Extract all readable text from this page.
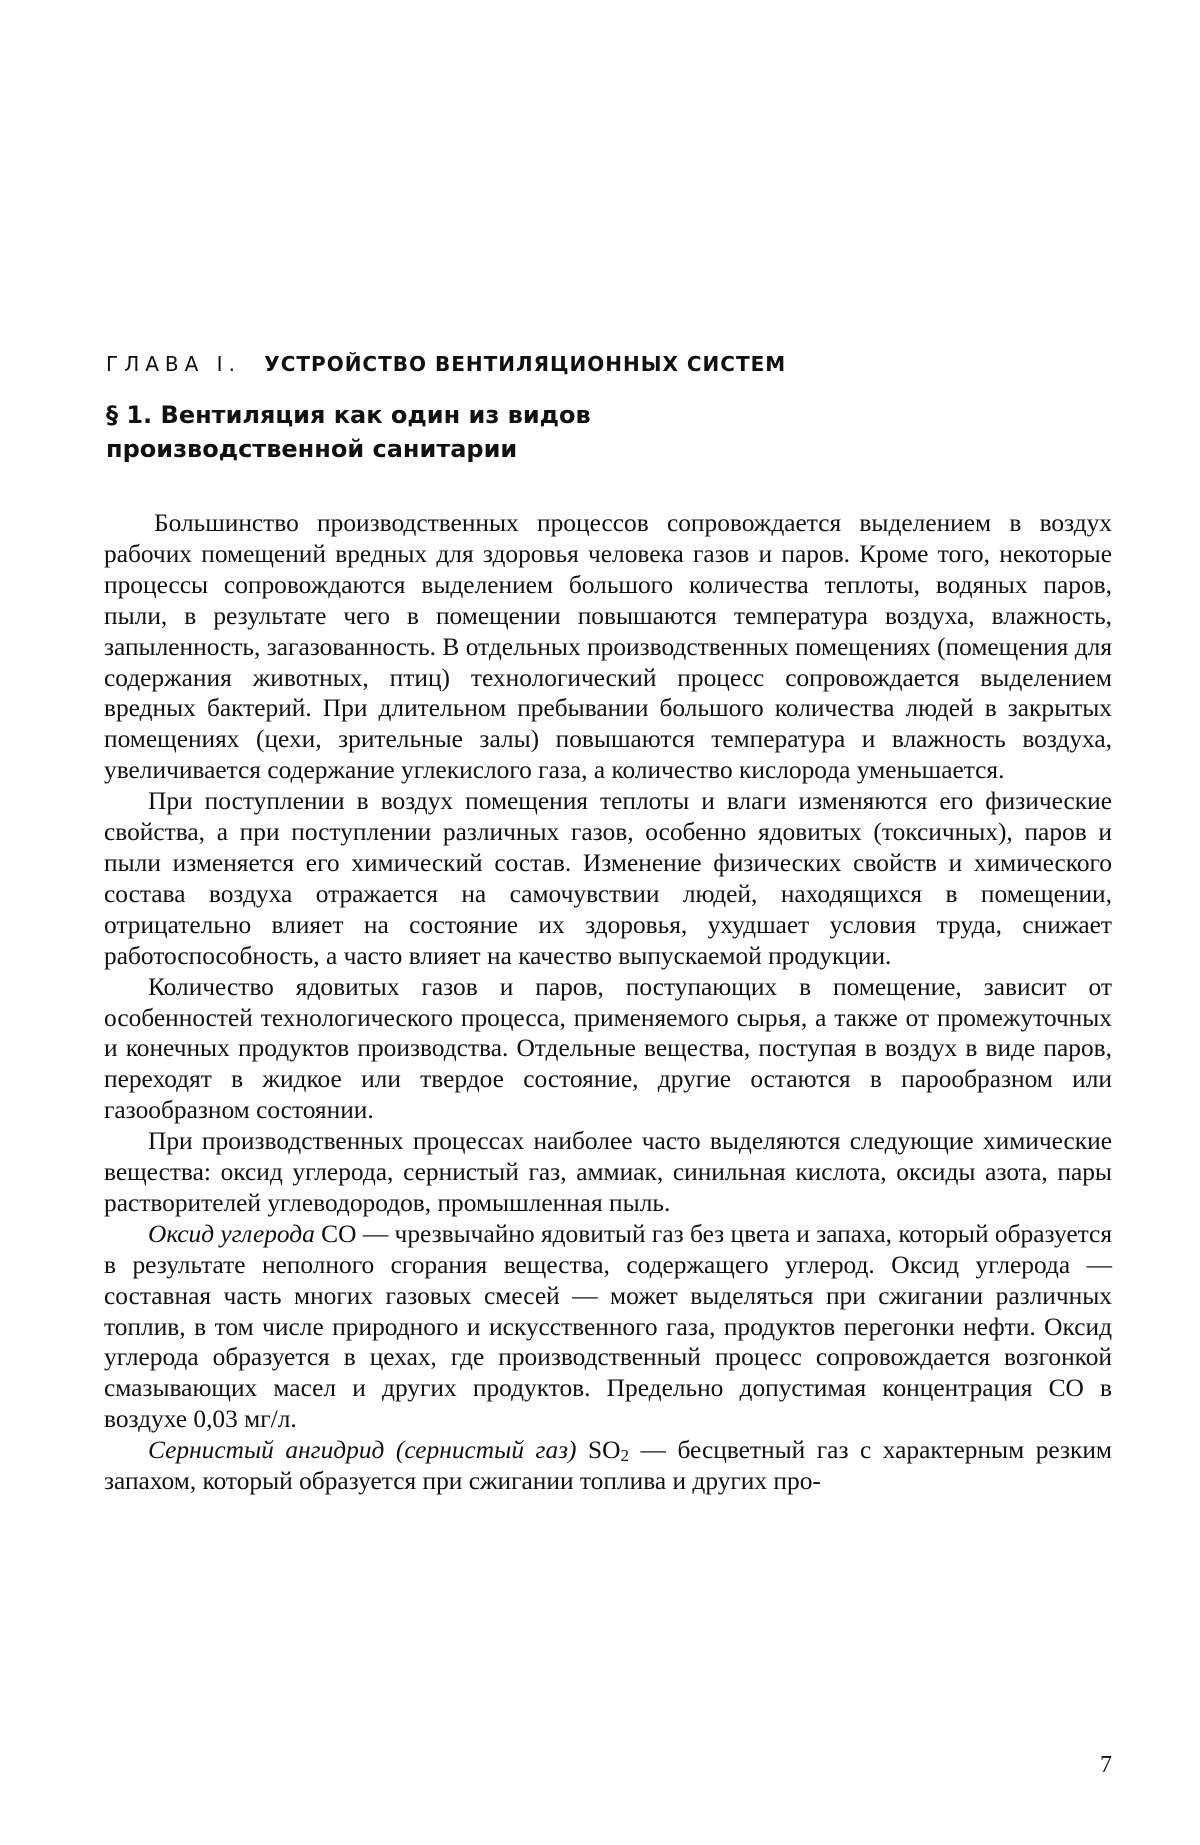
ГЛАВА I. УСТРОЙСТВО ВЕНТИЛЯЦИОННЫХ СИСТЕМ
§ 1. Вентиляция как один из видов
производственной санитарии

Большинство производственных процессов сопровождается выделением в воздух рабочих помещений вредных для здоровья человека газов и паров. Кроме того, некоторые процессы сопровождаются выделением большого количества теплоты, водяных паров, пыли, в результате чего в помещении повышаются температура воздуха, влажность, запыленность, загазованность. В отдельных производственных помещениях (помещения для содержания животных, птиц) технологический процесс сопровождается выделением вредных бактерий. При длительном пребывании большого количества людей в закрытых помещениях (цехи, зрительные залы) повышаются температура и влажность воздуха, увеличивается содержание углекислого газа, а количество кислорода уменьшается.

При поступлении в воздух помещения теплоты и влаги изменяются его физические свойства, а при поступлении различных газов, особенно ядовитых (токсичных), паров и пыли изменяется его химический состав. Изменение физических свойств и химического состава воздуха отражается на самочувствии людей, находящихся в помещении, отрицательно влияет на состояние их здоровья, ухудшает условия труда, снижает работоспособность, а часто влияет на качество выпускаемой продукции.

Количество ядовитых газов и паров, поступающих в помещение, зависит от особенностей технологического процесса, применяемого сырья, а также от промежуточных и конечных продуктов производства. Отдельные вещества, поступая в воздух в виде паров, переходят в жидкое или твердое состояние, другие остаются в парообразном или газообразном состоянии.

При производственных процессах наиболее часто выделяются следующие химические вещества: оксид углерода, сернистый газ, аммиак, синильная кислота, оксиды азота, пары растворителей углеводородов, промышленная пыль.

Оксид углерода СО — чрезвычайно ядовитый газ без цвета и запаха, который образуется в результате неполного сгорания вещества, содержащего углерод. Оксид углерода — составная часть многих газовых смесей — может выделяться при сжигании различных топлив, в том числе природного и искусственного газа, продуктов перегонки нефти. Оксид углерода образуется в цехах, где производственный процесс сопровождается возгонкой смазывающих масел и других продуктов. Предельно допустимая концентрация СО в воздухе 0,03 мг/л.

Сернистый ангидрид (сернистый газ) $SO_2$ — бесцветный газ с характерным резким запахом, который образуется при сжигании топлива и других про-

7
